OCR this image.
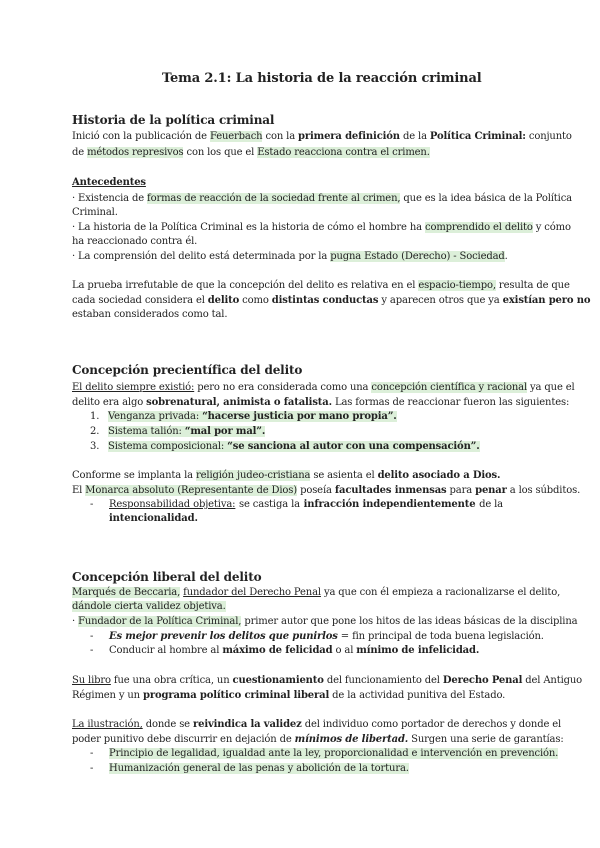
Tema 2.1: La historia de la reacción criminal
Historia de la política criminal
Inició con la publicación de Feuerbach con la primera definición de la Política Criminal: conjunto
de métodos represivos con los que el Estado reacciona contra el crimen.
Antecedentes
· Existencia de formas de reacción de la sociedad frente al crimen, que es la idea básica de la Política
Criminal.
· La historia de la Política Criminal es la historia de cómo el hombre ha comprendido el delito y cómo
ha reaccionado contra él.
· La comprensión del delito está determinada por la pugna Estado (Derecho) - Sociedad.
La prueba irrefutable de que la concepción del delito es relativa en el espacio-tiempo, resulta de que
cada sociedad considera el delito como distintas conductas y aparecen otros que ya existían pero no
estaban considerados como tal.
Concepción precientífica del delito
El delito siempre existió: pero no era considerada como una concepción científica y racional ya que el
delito era algo sobrenatural, animista o fatalista. Las formas de reaccionar fueron las siguientes:
1. Venganza privada: “hacerse justicia por mano propia”.
2. Sistema talión: “mal por mal”.
3. Sistema composicional: “se sanciona al autor con una compensación”.
Conforme se implanta la religión judeo-cristiana se asienta el delito asociado a Dios.
El Monarca absoluto (Representante de Dios) poseía facultades inmensas para penar a los súbditos.
- Responsabilidad objetiva: se castiga la infracción independientemente de la
intencionalidad.
Concepción liberal del delito
Marqués de Beccaria, fundador del Derecho Penal ya que con él empieza a racionalizarse el delito,
dándole cierta validez objetiva.
· Fundador de la Política Criminal, primer autor que pone los hitos de las ideas básicas de la disciplina
- Es mejor prevenir los delitos que punirlos = fin principal de toda buena legislación.
- Conducir al hombre al máximo de felicidad o al mínimo de infelicidad.
Su libro fue una obra crítica, un cuestionamiento del funcionamiento del Derecho Penal del Antiguo
Régimen y un programa político criminal liberal de la actividad punitiva del Estado.
La ilustración, donde se reivindica la validez del individuo como portador de derechos y donde el
poder punitivo debe discurrir en dejación de mínimos de libertad. Surgen una serie de garantías:
- Principio de legalidad, igualdad ante la ley, proporcionalidad e intervención en prevención.
- Humanización general de las penas y abolición de la tortura.
